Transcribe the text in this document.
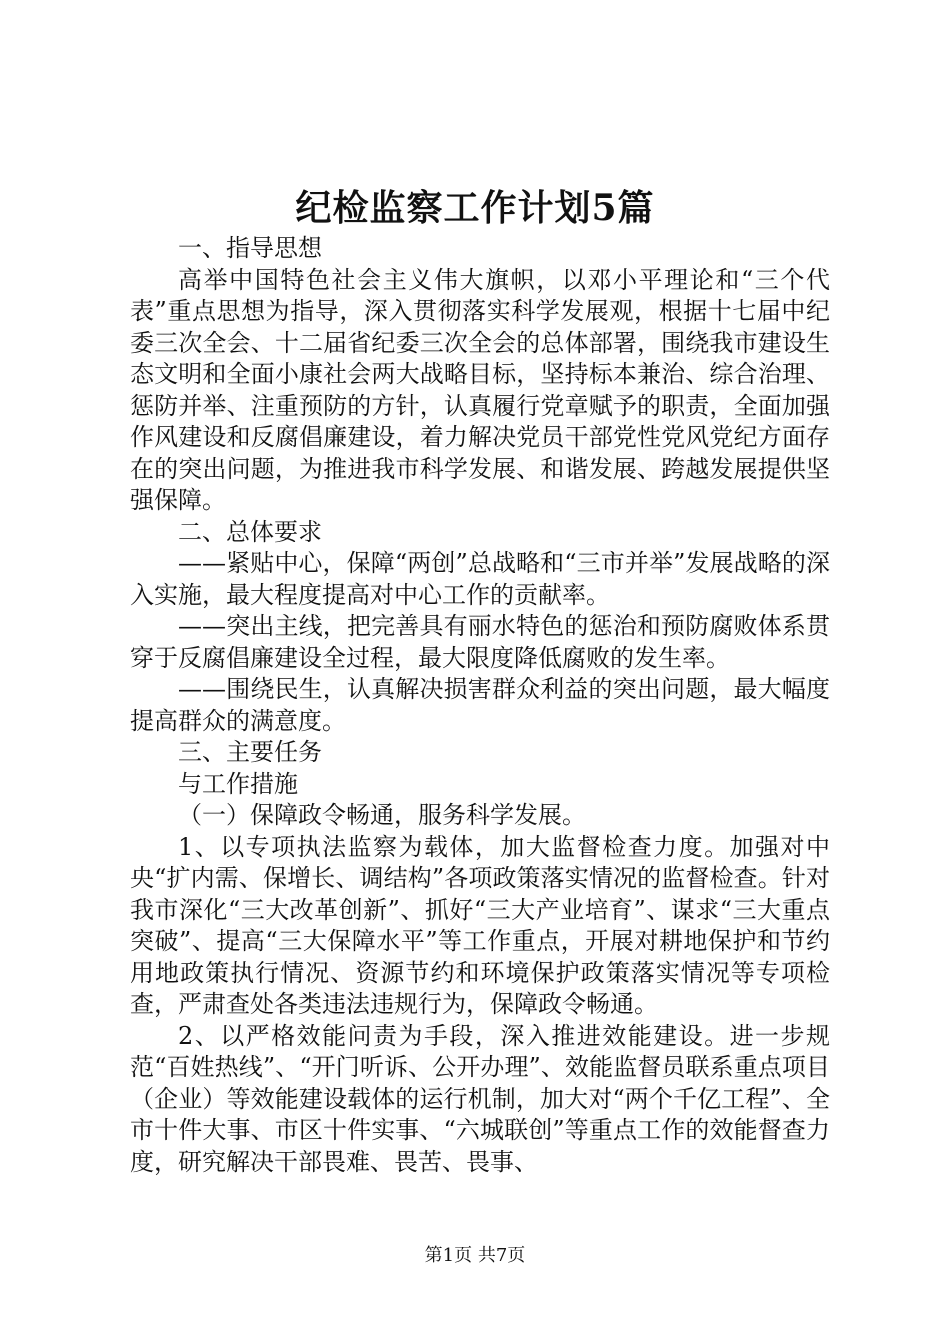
纪检监察工作计划5篇

一、指导思想

高举中国特色社会主义伟大旗帜，以邓小平理论和“三个代表”重点思想为指导，深入贯彻落实科学发展观，根据十七届中纪委三次全会、十二届省纪委三次全会的总体部署，围绕我市建设生态文明和全面小康社会两大战略目标，坚持标本兼治、综合治理、惩防并举、注重预防的方针，认真履行党章赋予的职责，全面加强作风建设和反腐倡廉建设，着力解决党员干部党性党风党纪方面存在的突出问题，为推进我市科学发展、和谐发展、跨越发展提供坚强保障。

二、总体要求

——紧贴中心，保障“两创”总战略和“三市并举”发展战略的深入实施，最大程度提高对中心工作的贡献率。

——突出主线，把完善具有丽水特色的惩治和预防腐败体系贯穿于反腐倡廉建设全过程，最大限度降低腐败的发生率。

——围绕民生，认真解决损害群众利益的突出问题，最大幅度提高群众的满意度。

三、主要任务

与工作措施

（一）保障政令畅通，服务科学发展。

1、以专项执法监察为载体，加大监督检查力度。加强对中央“扩内需、保增长、调结构”各项政策落实情况的监督检查。针对我市深化“三大改革创新”、抓好“三大产业培育”、谋求“三大重点突破”、提高“三大保障水平”等工作重点，开展对耕地保护和节约用地政策执行情况、资源节约和环境保护政策落实情况等专项检查，严肃查处各类违法违规行为，保障政令畅通。

2、以严格效能问责为手段，深入推进效能建设。进一步规范“百姓热线”、“开门听诉、公开办理”、效能监督员联系重点项目（企业）等效能建设载体的运行机制，加大对“两个千亿工程”、全市十件大事、市区十件实事、“六城联创”等重点工作的效能督查力度，研究解决干部畏难、畏苦、畏事、

第1页 共7页
